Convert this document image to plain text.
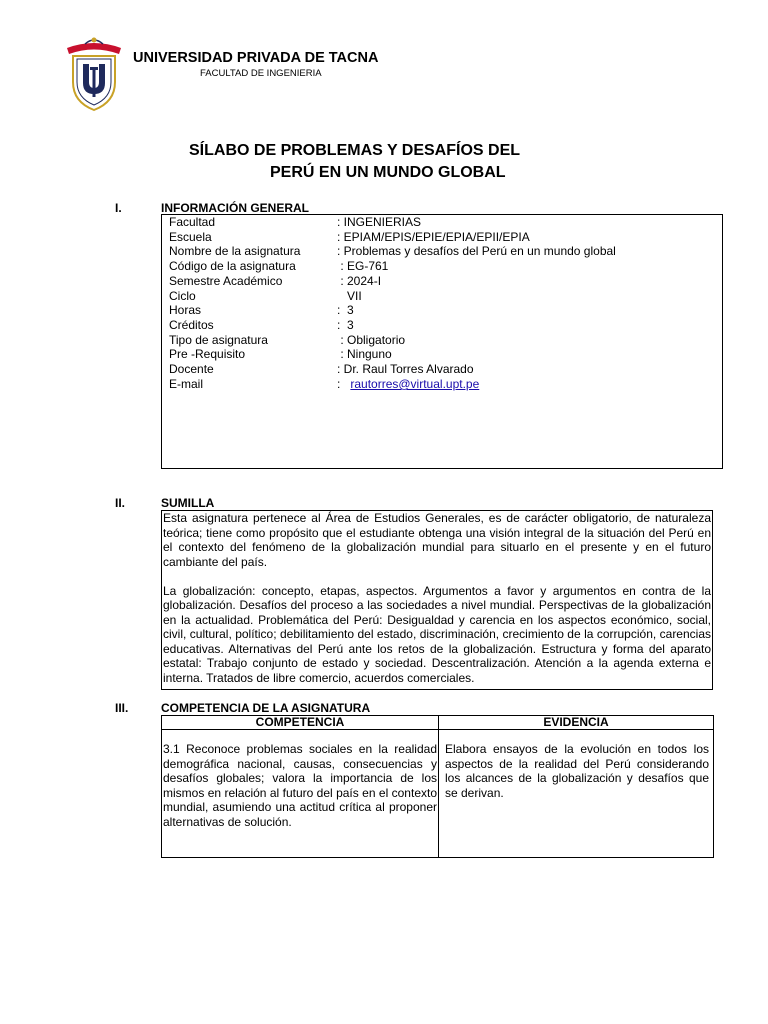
UNIVERSIDAD PRIVADA DE TACNA
FACULTAD DE INGENIERIA
SÍLABO DE PROBLEMAS Y DESAFÍOS DEL
PERÚ EN UN MUNDO GLOBAL
I.	INFORMACIÓN GENERAL
Facultad	: INGENIERIAS
Escuela	: EPIAM/EPIS/EPIE/EPIA/EPII/EPIA
Nombre de la asignatura	: Problemas y desafíos del Perú en un mundo global
Código de la asignatura	: EG-761
Semestre Académico	: 2024-I
Ciclo	VII
Horas	:  3
Créditos	:  3
Tipo de asignatura	: Obligatorio
Pre -Requisito	: Ninguno
Docente	: Dr. Raul Torres Alvarado
E-mail	: rautorres@virtual.upt.pe
II.	SUMILLA

Esta asignatura pertenece al Área de Estudios Generales, es de carácter obligatorio, de naturaleza teórica; tiene como propósito que el estudiante obtenga una visión integral de la situación del Perú en el contexto del fenómeno de la globalización mundial para situarlo en el presente y en el futuro cambiante del país.

La globalización: concepto, etapas, aspectos. Argumentos a favor y argumentos en contra de la globalización. Desafíos del proceso a las sociedades a nivel mundial. Perspectivas de la globalización en la actualidad. Problemática del Perú: Desigualdad y carencia en los aspectos económico, social, civil, cultural, político; debilitamiento del estado, discriminación, crecimiento de la corrupción, carencias educativas. Alternativas del Perú ante los retos de la globalización. Estructura y forma del aparato estatal: Trabajo conjunto de estado y sociedad. Descentralización. Atención a la agenda externa e interna. Tratados de libre comercio, acuerdos comerciales.

III.	COMPETENCIA DE LA ASIGNATURA
COMPETENCIA	EVIDENCIA
3.1 Reconoce problemas sociales en la realidad demográfica nacional, causas, consecuencias y desafíos globales; valora la importancia de los mismos en relación al futuro del país en el contexto mundial, asumiendo una actitud crítica al proponer alternativas de solución.	Elabora ensayos de la evolución en todos los aspectos de la realidad del Perú considerando los alcances de la globalización y desafíos que se derivan.
